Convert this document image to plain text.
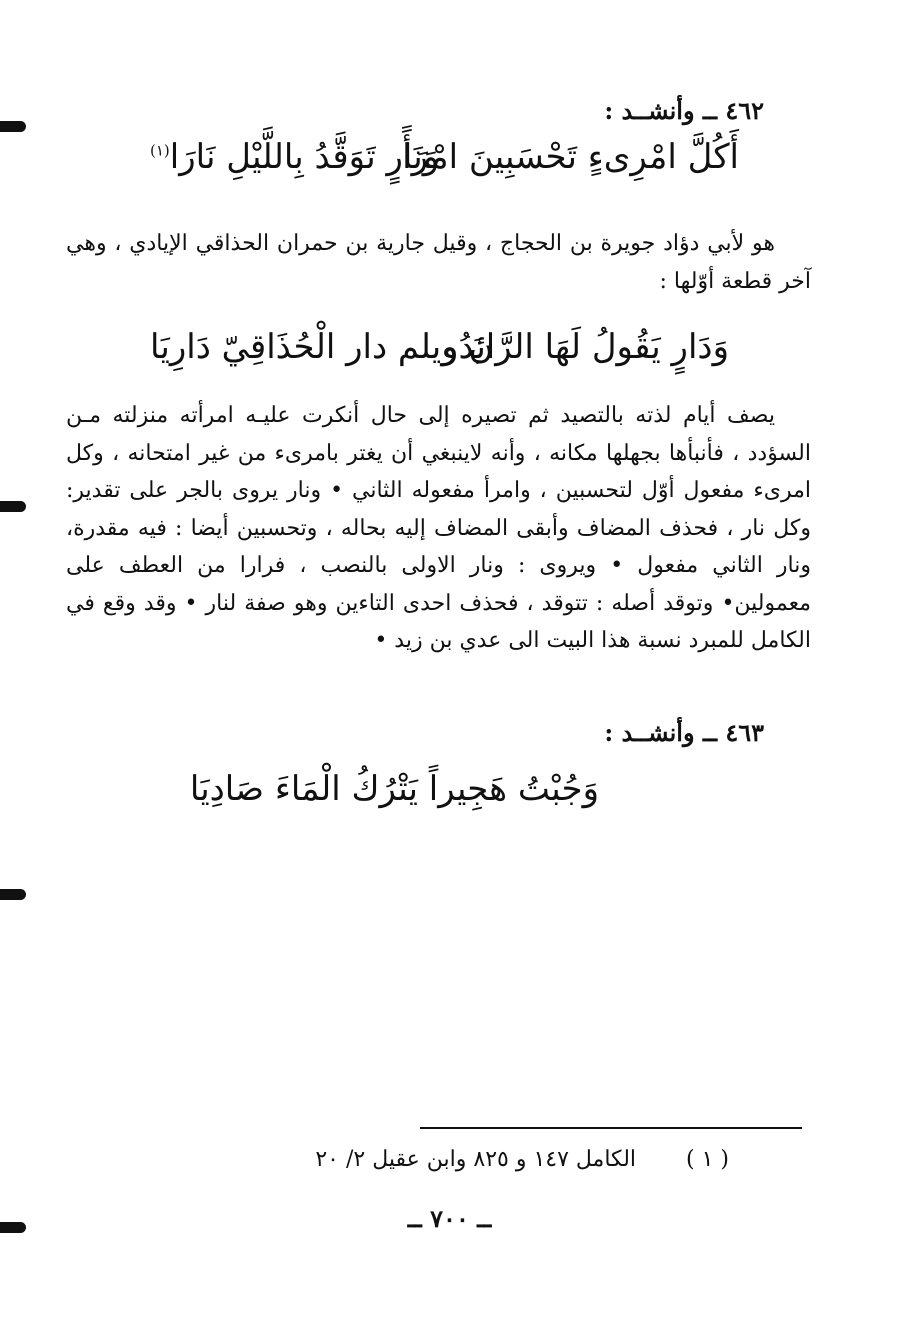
٤٦٢ ــ وأنشــد :
أَكُلَّ امْرِىءٍ تَحْسَبِينَ امْرَأً
وَنَارٍ تَوَقَّدُ بِاللَّيْلِ نَارَا$^{(١)}$

هو لأبي دؤاد جويرة بن الحجاج ، وقيل جارية بن حمران الحذاقي الإيادي ، وهي آخر قطعة أوّلها :

وَدَارٍ يَقُولُ لَهَا الرَّائِدُو
نَ ويلم دار الْحُذَاقِيّ دَارِيَا

يصف أيام لذته بالتصيد ثم تصيره إلى حال أنكرت عليـه امرأته منزلته مـن السؤدد ، فأنبأها بجهلها مكانه ، وأنه لاينبغي أن يغتر بامرىء من غير امتحانه ، وكل امرىء مفعول أوّل لتحسبين ، وامرأ مفعوله الثاني • ونار يروى بالجر على تقدير: وكل نار ، فحذف المضاف وأبقى المضاف إليه بحاله ، وتحسبين أيضا : فيه مقدرة، ونار الثاني مفعول • ويروى : ونار الاولى بالنصب ، فرارا من العطف على معمولين• وتوقد أصله : تتوقد ، فحذف احدى التاءين وهو صفة لنار • وقد وقع في الكامل للمبرد نسبة هذا البيت الى عدي بن زيد •

٤٦٣ ــ وأنشــد :
وَجُبْتُ هَجِيراً يَتْرُكُ الْمَاءَ صَادِيَا
( ١ )  الكامل ١٤٧ و ٨٢٥ وابن عقيل ٢/ ٢٠
ــ ٧٠٠ ــ
